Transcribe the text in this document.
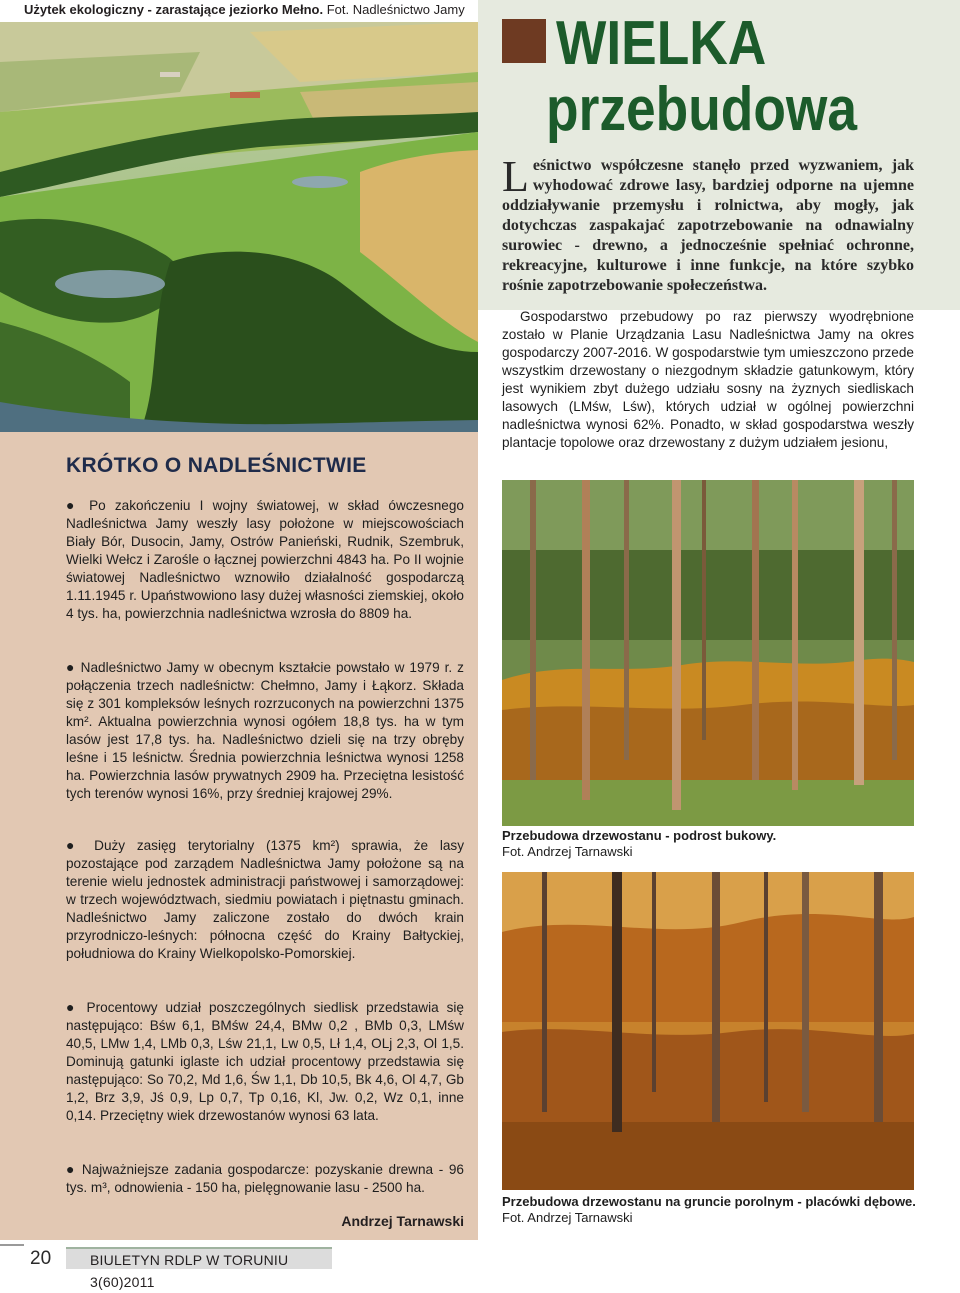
Użytek ekologiczny - zarastające jeziorko Mełno. Fot. Nadleśnictwo Jamy
KRÓTKO O NADLEŚNICTWIE
● Po zakończeniu I wojny światowej, w skład ówczesnego Nadleśnictwa Jamy weszły lasy położone w miejscowościach Biały Bór, Dusocin, Jamy, Ostrów Panieński, Rudnik, Szembruk, Wielki Wełcz i Zarośle o łącznej powierzchni 4843 ha. Po II wojnie światowej Nadleśnictwo wznowiło działalność gospodarczą 1.11.1945 r. Upaństwowiono lasy dużej własności ziemskiej, około 4 tys. ha, powierzchnia nadleśnictwa wzrosła do 8809 ha.
● Nadleśnictwo Jamy w obecnym kształcie powstało w 1979 r. z połączenia trzech nadleśnictw: Chełmno, Jamy i Łąkorz. Składa się z 301 kompleksów leśnych rozrzuconych na powierzchni 1375 km². Aktualna powierzchnia wynosi ogółem 18,8 tys. ha w tym lasów jest 17,8 tys. ha. Nadleśnictwo dzieli się na trzy obręby leśne i 15 leśnictw. Średnia powierzchnia leśnictwa wynosi 1258 ha. Powierzchnia lasów prywatnych 2909 ha. Przeciętna lesistość tych terenów wynosi 16%, przy średniej krajowej 29%.
● Duży zasięg terytorialny (1375 km²) sprawia, że lasy pozostające pod zarządem Nadleśnictwa Jamy położone są na terenie wielu jednostek administracji państwowej i samorządowej: w trzech województwach, siedmiu powiatach i piętnastu gminach. Nadleśnictwo Jamy zaliczone zostało do dwóch krain przyrodniczo-leśnych: północna część do Krainy Bałtyckiej, południowa do Krainy Wielkopolsko-Pomorskiej.
● Procentowy udział poszczególnych siedlisk przedstawia się następująco: Bśw 6,1, BMśw 24,4, BMw 0,2 , BMb 0,3, LMśw 40,5, LMw 1,4, LMb 0,3, Lśw 21,1, Lw 0,5, Lł 1,4, OLj 2,3, Ol 1,5. Dominują gatunki iglaste ich udział procentowy przedstawia się następująco: So 70,2, Md 1,6, Św 1,1, Db 10,5, Bk 4,6, Ol 4,7, Gb 1,2, Brz 3,9, Jś 0,9, Lp 0,7, Tp 0,16, Kl, Jw. 0,2, Wz 0,1, inne 0,14. Przeciętny wiek drzewostanów wynosi 63 lata.
● Najważniejsze zadania gospodarcze: pozyskanie drewna - 96 tys. m³, odnowienia - 150 ha, pielęgnowanie lasu - 2500 ha.
Andrzej Tarnawski
WIELKA
przebudowa
Leśnictwo współczesne stanęło przed wyzwaniem, jak wyhodować zdrowe lasy, bardziej odporne na ujemne oddziaływanie przemysłu i rolnictwa, aby mogły, jak dotychczas zaspakajać zapotrzebowanie na odnawialny surowiec - drewno, a jednocześnie spełniać ochronne, rekreacyjne, kulturowe i inne funkcje, na które szybko rośnie zapotrzebowanie społeczeństwa.

Gospodarstwo przebudowy po raz pierwszy wyodrębnione zostało w Planie Urządzania Lasu Nadleśnictwa Jamy na okres gospodarczy 2007-2016. W gospodarstwie tym umieszczono przede wszystkim drzewostany o niezgodnym składzie gatunkowym, który jest wynikiem zbyt dużego udziału sosny na żyznych siedliskach lasowych (LMśw, Lśw), których udział w ogólnej powierzchni nadleśnictwa wynosi 62%. Ponadto, w skład gospodarstwa weszły plantacje topolowe oraz drzewostany z dużym udziałem jesionu,

Przebudowa drzewostanu - podrost bukowy.
Fot. Andrzej Tarnawski
Przebudowa drzewostanu na gruncie porolnym - placówki dębowe.
Fot. Andrzej Tarnawski
20	BIULETYN RDLP W TORUNIU 3(60)2011
